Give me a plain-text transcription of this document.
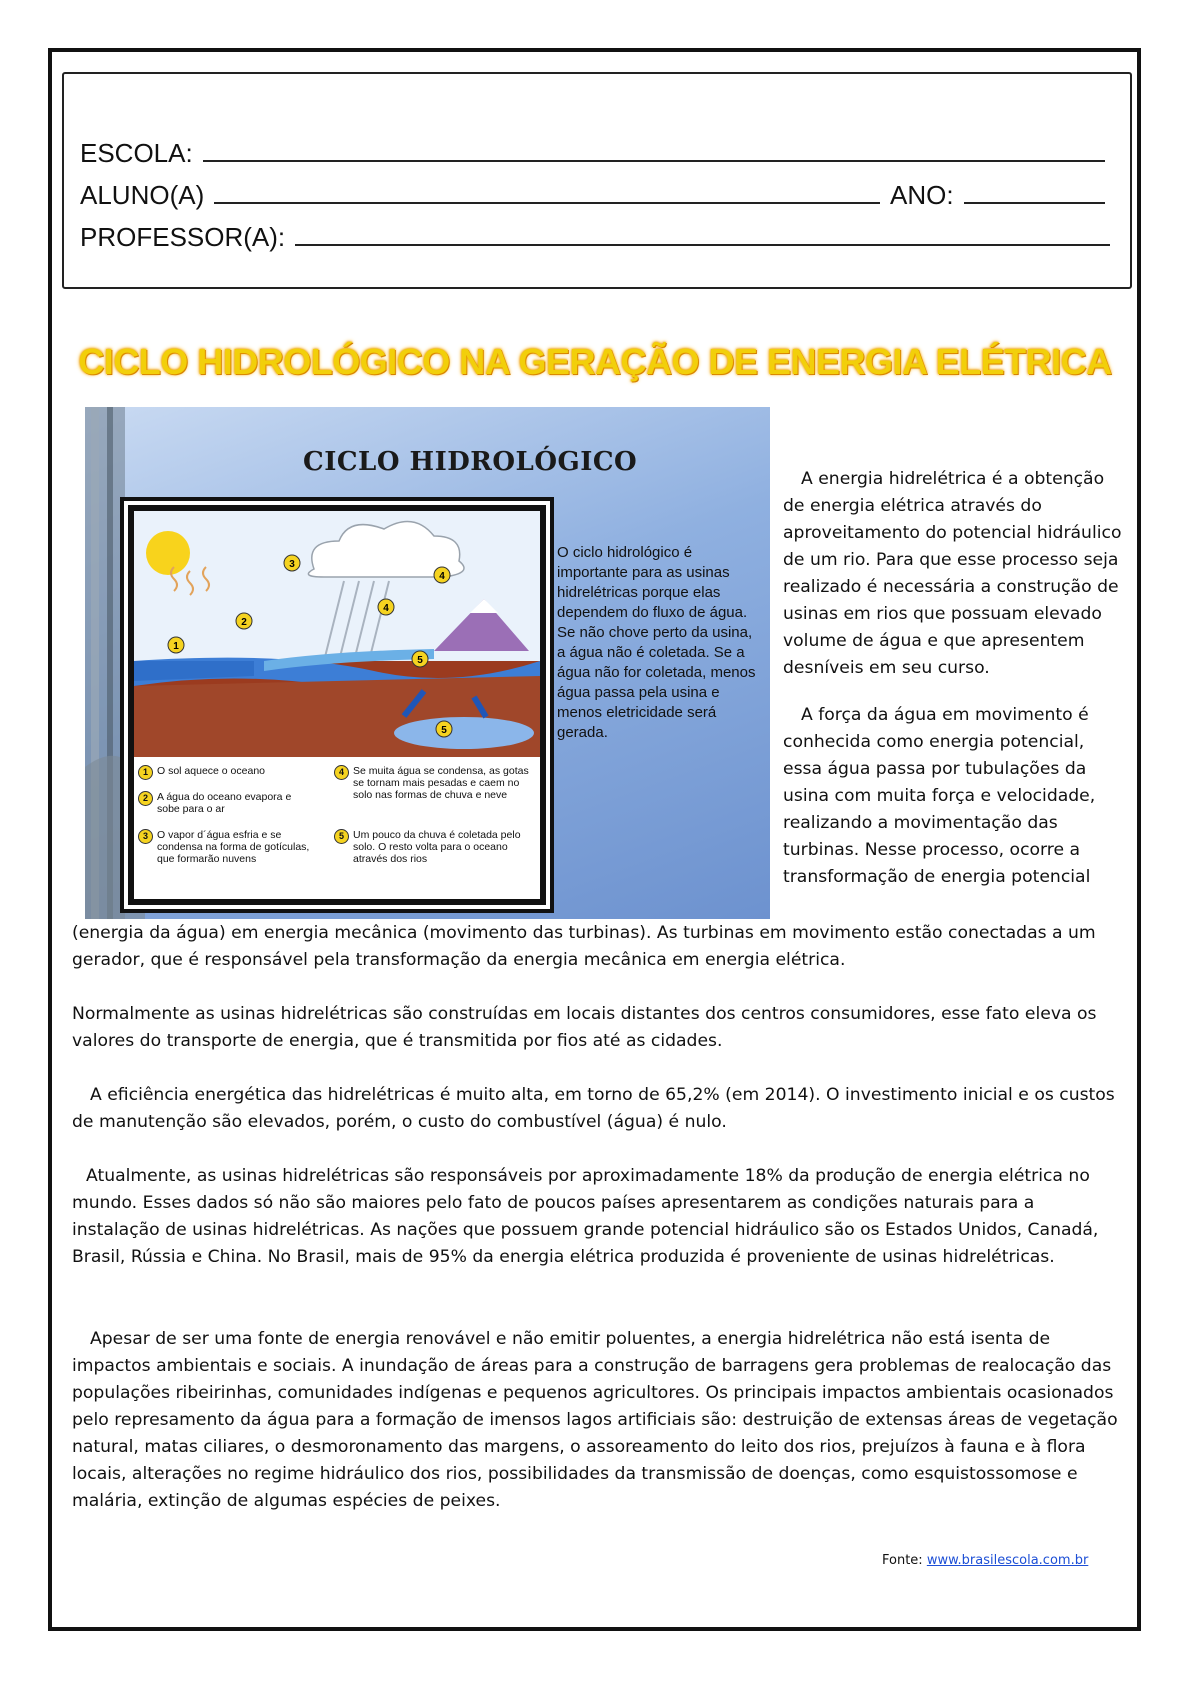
ESCOLA:
ALUNO(A)	ANO:
PROFESSOR(A):
CICLO HIDROLÓGICO NA GERAÇÃO DE ENERGIA ELÉTRICA
CICLO HIDROLÓGICO
1
2
3
4
4
5
5
1 O sol aquece o oceano
2 A água do oceano evapora e sobe para o ar
3 O vapor d´água esfria e se condensa na forma de gotículas, que formarão nuvens
4 Se muita água se condensa, as gotas se tornam mais pesadas e caem no solo nas formas de chuva e neve
5 Um pouco da chuva é coletada pelo solo. O resto volta para o oceano através dos rios
O ciclo hidrológico é importante para as usinas hidrelétricas porque elas dependem do fluxo de água. Se não chove perto da usina, a água não é coletada. Se a água não for coletada, menos água passa pela usina e menos eletricidade será gerada.

A energia hidrelétrica é a obtenção de energia elétrica através do aproveitamento do potencial hidráulico de um rio. Para que esse processo seja realizado é necessária a construção de usinas em rios que possuam elevado volume de água e que apresentem desníveis em seu curso.

A força da água em movimento é conhecida como energia potencial, essa água passa por tubulações da usina com muita força e velocidade, realizando a movimentação das turbinas. Nesse processo, ocorre a transformação de energia potencial

(energia da água) em energia mecânica (movimento das turbinas). As turbinas em movimento estão conectadas a um gerador, que é responsável pela transformação da energia mecânica em energia elétrica.

Normalmente as usinas hidrelétricas são construídas em locais distantes dos centros consumidores, esse fato eleva os valores do transporte de energia, que é transmitida por fios até as cidades.

A eficiência energética das hidrelétricas é muito alta, em torno de 65,2% (em 2014). O investimento inicial e os custos de manutenção são elevados, porém, o custo do combustível (água) é nulo.

Atualmente, as usinas hidrelétricas são responsáveis por aproximadamente 18% da produção de energia elétrica no mundo. Esses dados só não são maiores pelo fato de poucos países apresentarem as condições naturais para a instalação de usinas hidrelétricas. As nações que possuem grande potencial hidráulico são os Estados Unidos, Canadá, Brasil, Rússia e China. No Brasil, mais de 95% da energia elétrica produzida é proveniente de usinas hidrelétricas.

Apesar de ser uma fonte de energia renovável e não emitir poluentes, a energia hidrelétrica não está isenta de impactos ambientais e sociais. A inundação de áreas para a construção de barragens gera problemas de realocação das populações ribeirinhas, comunidades indígenas e pequenos agricultores. Os principais impactos ambientais ocasionados pelo represamento da água para a formação de imensos lagos artificiais são: destruição de extensas áreas de vegetação natural, matas ciliares, o desmoronamento das margens, o assoreamento do leito dos rios, prejuízos à fauna e à flora locais, alterações no regime hidráulico dos rios, possibilidades da transmissão de doenças, como esquistossomose e malária, extinção de algumas espécies de peixes.

Fonte: www.brasilescola.com.br
